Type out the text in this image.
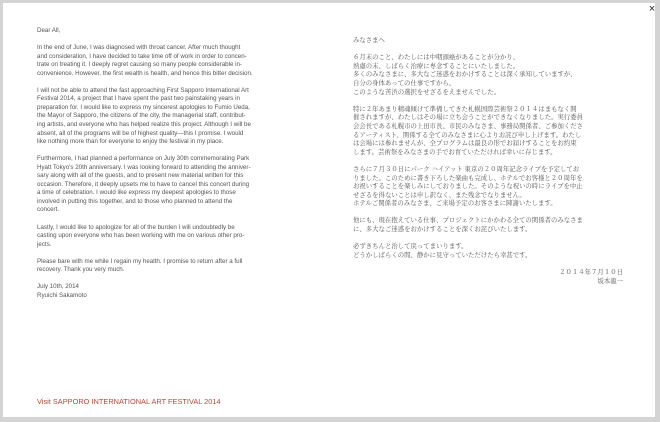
Dear All,

In the end of June, I was diagnosed with throat cancer. After much thought
and consideration, I have decided to take time off of work in order to concen-
trate on treating it. I deeply regret causing so many people considerable in-
convenience. However, the first wealth is health, and hence this bitter decision.

I will not be able to attend the fast approaching First Sapporo International Art
Festival 2014, a project that I have spent the past two painstaking years in
preparation for. I would like to express my sincerest apologies to Fumio Ueda,
the Mayor of Sapporo, the citizens of the city, the managerial staff, contribut-
ing artists, and everyone who has helped realize this project. Although I will be
absent, all of the programs will be of highest quality—this I promise. I would
like nothing more than for everyone to enjoy the festival in my place.

Furthermore, I had planned a performance on July 30th commemorating Park
Hyatt Tokyo's 20th anniversary. I was looking forward to attending the anniver-
sary along with all of the guests, and to present new material written for this
occasion. Therefore, it deeply upsets me to have to cancel this concert during
a time of celebration. I would like express my deepest apologies to those
involved in putting this together, and to those who planned to attend the
concert.

Lastly, I would like to apologize for all of the burden I will undoubtedly be
casting upon everyone who has been working with me on various other pro-
jects.

Please bare with me while I regain my health. I promise to return after a full
recovery. Thank you very much.

July 10th, 2014
Ryuichi Sakamoto

みなさまへ

６月末のこと、わたしには中咽頭癌があることが分かり、
熟慮の末、しばらく治療に専念することにいたしました。
多くのみなさまに、多大なご迷惑をおかけすることは深く承知していますが、
自分の身体あっての仕事ですから、
このような苦渋の選択をせざるをえませんでした。

特に２年あまり精魂傾けて準備してきた札幌国際芸術祭２０１４はまもなく開
催されますが、わたしはその場に立ち会うことができなくなりました。実行委員
会会長である札幌市の上田市長、市民のみなさま、事務局関係者、ご参加くださ
るアーティスト、関係する全てのみなさまに心よりお詫び申し上げます。わたし
は会場には参れませんが、全プログラムは最良の形でお届けすることをお約束
します。芸術祭をみなさまの手でお育ていただければ幸いに存じます。

さらに７月３０日にパーク ハイアット 東京の２０周年記念ライブを予定してお
りました。このために書き下ろした楽曲も完成し、ホテルでお客様と２０周年を
お祝いすることを楽しみにしておりました。そのような祝いの時にライブを中止
せざるを得ないことは申し訳なく、また残念でなりません。
ホテルご関係者のみなさま、ご来場予定のお客さまに陳謝いたします。

他にも、現在抱えている仕事、プロジェクトにかかわる全ての関係者のみなさま
に、多大なご迷惑をおかけすることを深くお詫びいたします。

必ずきちんと治して戻ってまいります。
どうかしばらくの間、静かに見守っていただけたら幸甚です。

２０１４年７月１０日
坂本龍一
Visit SAPPORO INTERNATIONAL ART FESTIVAL 2014
×
